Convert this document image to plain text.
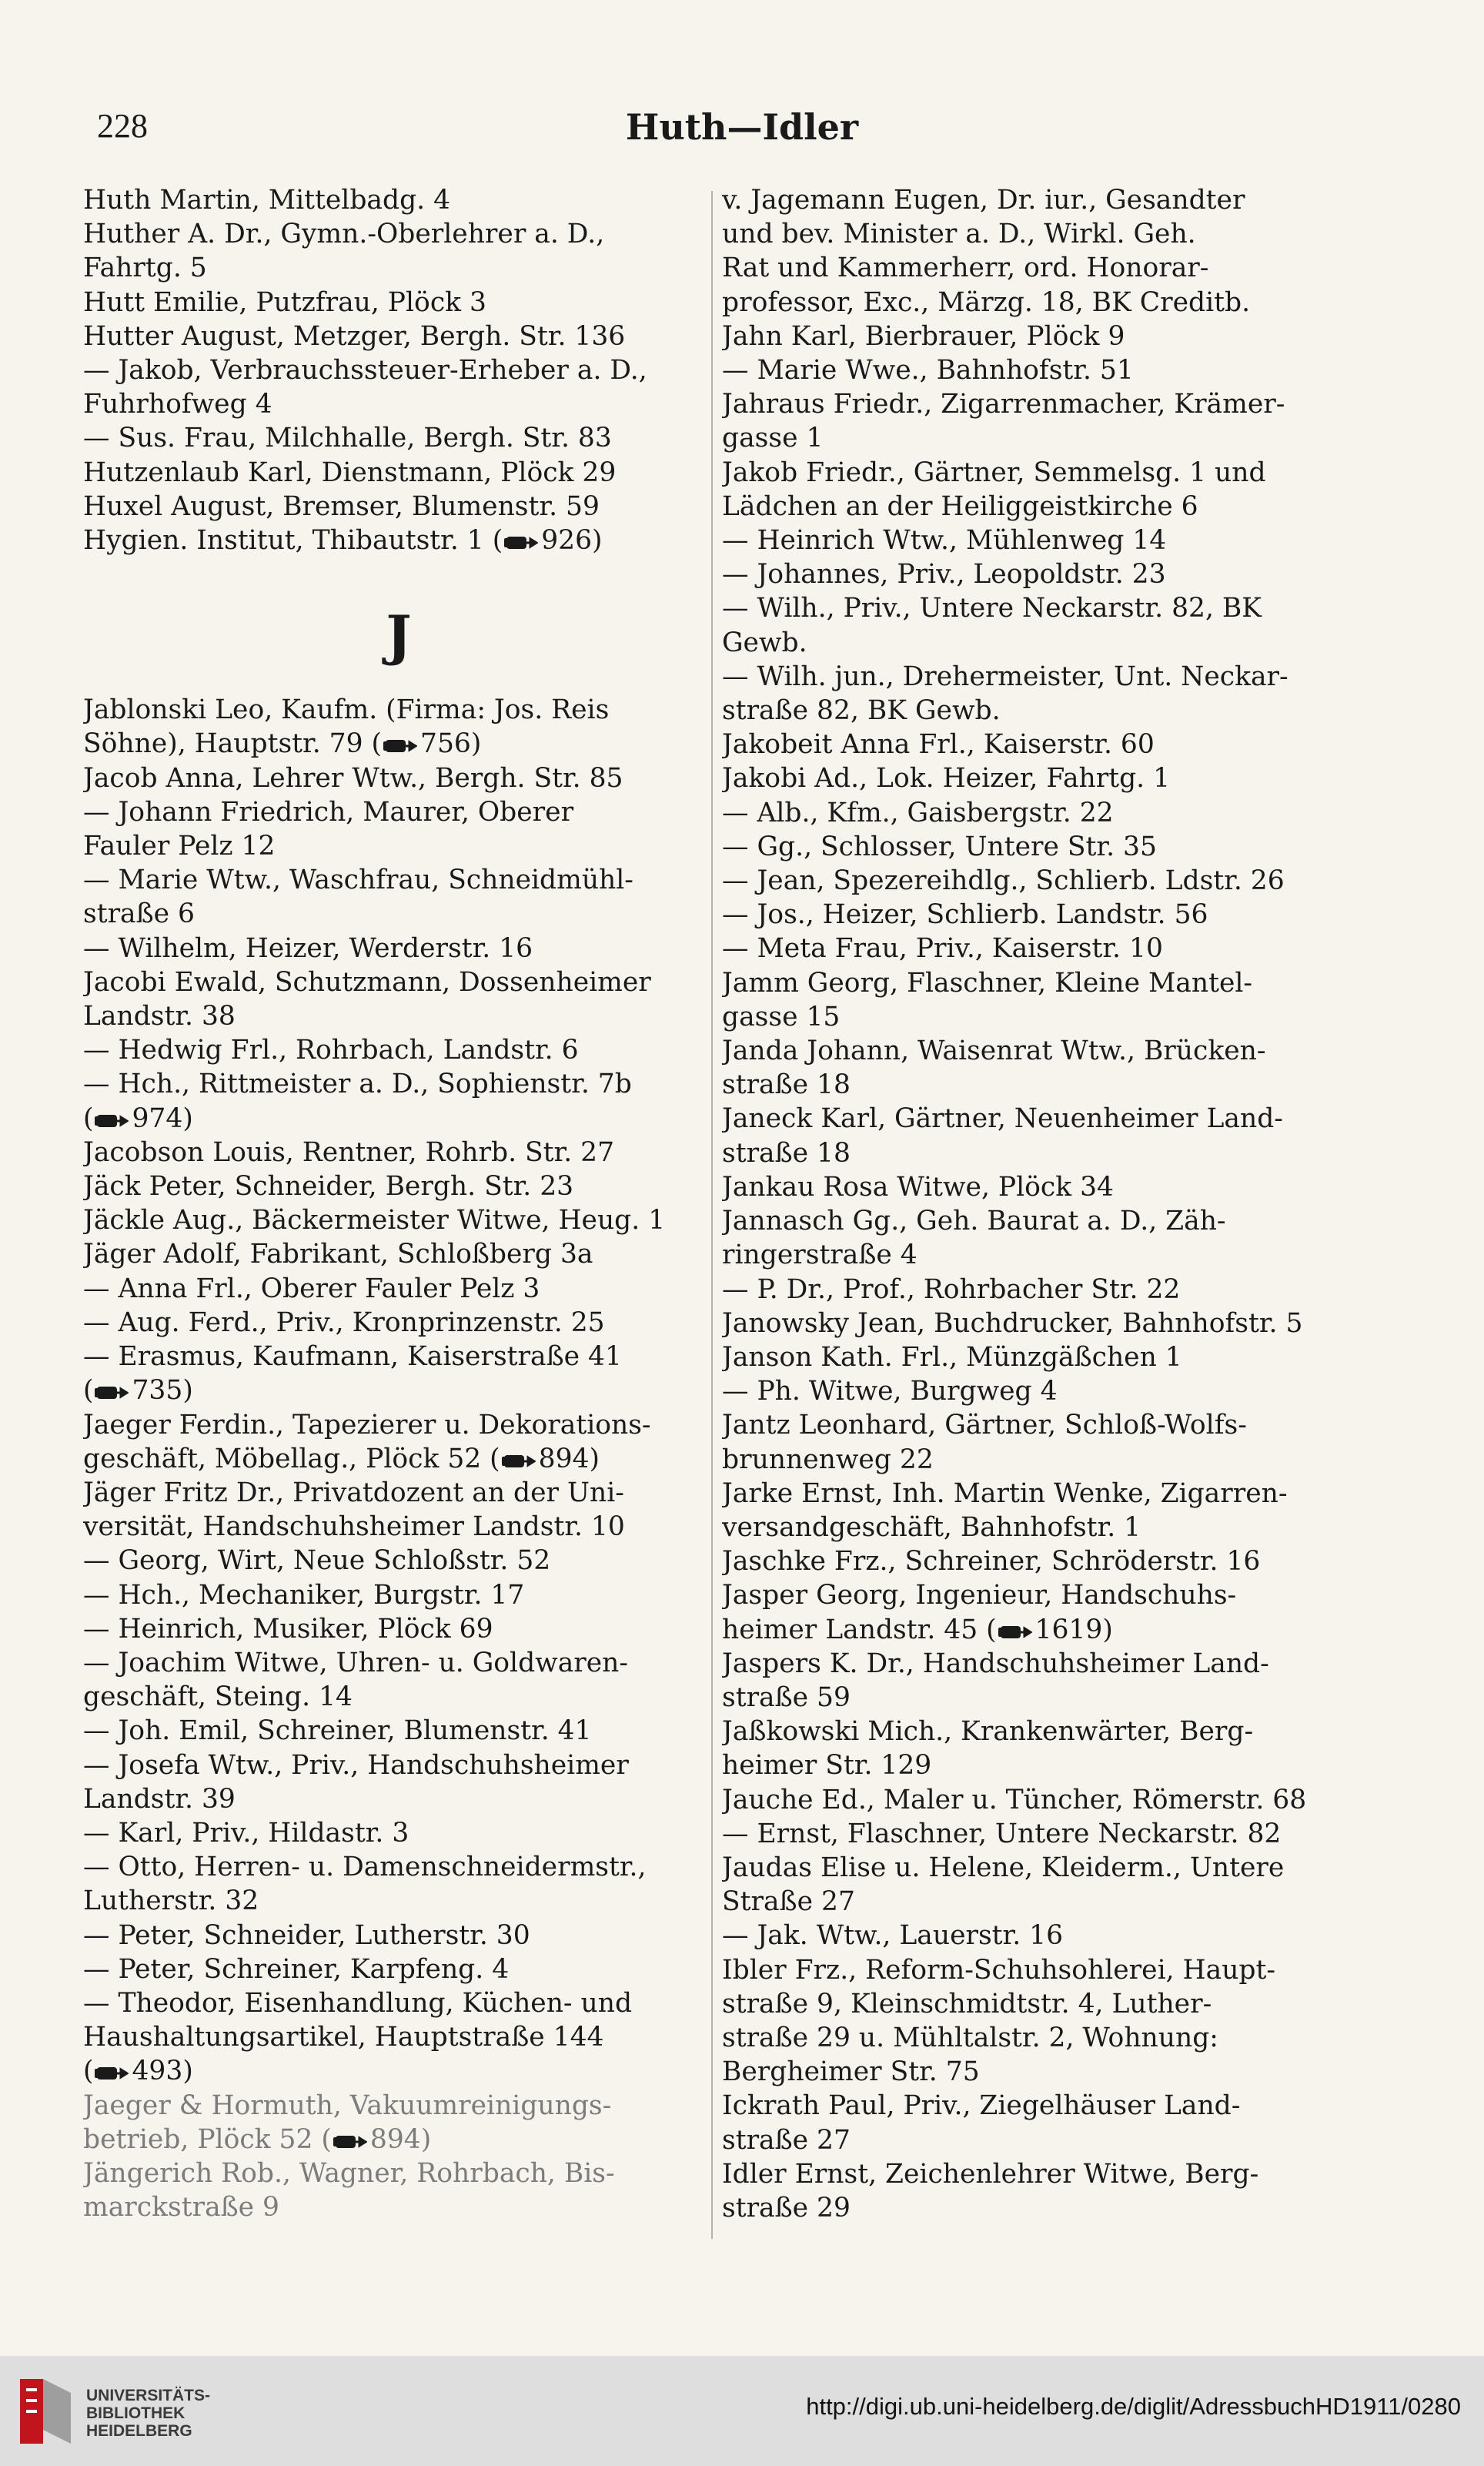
228	Huth—Idler
Huth Martin, Mittelbadg. 4
Huther A. Dr., Gymn.-Oberlehrer a. D.,
Fahrtg. 5
Hutt Emilie, Putzfrau, Plöck 3
Hutter August, Metzger, Bergh. Str. 136
— Jakob, Verbrauchssteuer-Erheber a. D.,
Fuhrhofweg 4
— Sus. Frau, Milchhalle, Bergh. Str. 83
Hutzenlaub Karl, Dienstmann, Plöck 29
Huxel August, Bremser, Blumenstr. 59
Hygien. Institut, Thibautstr. 1 ( 926)
J
Jablonski Leo, Kaufm. (Firma: Jos. Reis
Söhne), Hauptstr. 79 ( 756)
Jacob Anna, Lehrer Wtw., Bergh. Str. 85
— Johann Friedrich, Maurer, Oberer
Fauler Pelz 12
— Marie Wtw., Waschfrau, Schneidmühl-
straße 6
— Wilhelm, Heizer, Werderstr. 16
Jacobi Ewald, Schutzmann, Dossenheimer
Landstr. 38
— Hedwig Frl., Rohrbach, Landstr. 6
— Hch., Rittmeister a. D., Sophienstr. 7b
( 974)
Jacobson Louis, Rentner, Rohrb. Str. 27
Jäck Peter, Schneider, Bergh. Str. 23
Jäckle Aug., Bäckermeister Witwe, Heug. 1
Jäger Adolf, Fabrikant, Schloßberg 3a
— Anna Frl., Oberer Fauler Pelz 3
— Aug. Ferd., Priv., Kronprinzenstr. 25
— Erasmus, Kaufmann, Kaiserstraße 41
( 735)
Jaeger Ferdin., Tapezierer u. Dekorations-
geschäft, Möbellag., Plöck 52 ( 894)
Jäger Fritz Dr., Privatdozent an der Uni-
versität, Handschuhsheimer Landstr. 10
— Georg, Wirt, Neue Schloßstr. 52
— Hch., Mechaniker, Burgstr. 17
— Heinrich, Musiker, Plöck 69
— Joachim Witwe, Uhren- u. Goldwaren-
geschäft, Steing. 14
— Joh. Emil, Schreiner, Blumenstr. 41
— Josefa Wtw., Priv., Handschuhsheimer
Landstr. 39
— Karl, Priv., Hildastr. 3
— Otto, Herren- u. Damenschneidermstr.,
Lutherstr. 32
— Peter, Schneider, Lutherstr. 30
— Peter, Schreiner, Karpfeng. 4
— Theodor, Eisenhandlung, Küchen- und
Haushaltungsartikel, Hauptstraße 144
( 493)
Jaeger & Hormuth, Vakuumreinigungs-
betrieb, Plöck 52 ( 894)
Jängerich Rob., Wagner, Rohrbach, Bis-
marckstraße 9
v. Jagemann Eugen, Dr. iur., Gesandter
und bev. Minister a. D., Wirkl. Geh.
Rat und Kammerherr, ord. Honorar-
professor, Exc., Märzg. 18, BK Creditb.
Jahn Karl, Bierbrauer, Plöck 9
— Marie Wwe., Bahnhofstr. 51
Jahraus Friedr., Zigarrenmacher, Krämer-
gasse 1
Jakob Friedr., Gärtner, Semmelsg. 1 und
Lädchen an der Heiliggeistkirche 6
— Heinrich Wtw., Mühlenweg 14
— Johannes, Priv., Leopoldstr. 23
— Wilh., Priv., Untere Neckarstr. 82, BK
Gewb.
— Wilh. jun., Drehermeister, Unt. Neckar-
straße 82, BK Gewb.
Jakobeit Anna Frl., Kaiserstr. 60
Jakobi Ad., Lok. Heizer, Fahrtg. 1
— Alb., Kfm., Gaisbergstr. 22
— Gg., Schlosser, Untere Str. 35
— Jean, Spezereihdlg., Schlierb. Ldstr. 26
— Jos., Heizer, Schlierb. Landstr. 56
— Meta Frau, Priv., Kaiserstr. 10
Jamm Georg, Flaschner, Kleine Mantel-
gasse 15
Janda Johann, Waisenrat Wtw., Brücken-
straße 18
Janeck Karl, Gärtner, Neuenheimer Land-
straße 18
Jankau Rosa Witwe, Plöck 34
Jannasch Gg., Geh. Baurat a. D., Zäh-
ringerstraße 4
— P. Dr., Prof., Rohrbacher Str. 22
Janowsky Jean, Buchdrucker, Bahnhofstr. 5
Janson Kath. Frl., Münzgäßchen 1
— Ph. Witwe, Burgweg 4
Jantz Leonhard, Gärtner, Schloß-Wolfs-
brunnenweg 22
Jarke Ernst, Inh. Martin Wenke, Zigarren-
versandgeschäft, Bahnhofstr. 1
Jaschke Frz., Schreiner, Schröderstr. 16
Jasper Georg, Ingenieur, Handschuhs-
heimer Landstr. 45 ( 1619)
Jaspers K. Dr., Handschuhsheimer Land-
straße 59
Jaßkowski Mich., Krankenwärter, Berg-
heimer Str. 129
Jauche Ed., Maler u. Tüncher, Römerstr. 68
— Ernst, Flaschner, Untere Neckarstr. 82
Jaudas Elise u. Helene, Kleiderm., Untere
Straße 27
— Jak. Wtw., Lauerstr. 16
Ibler Frz., Reform-Schuhsohlerei, Haupt-
straße 9, Kleinschmidtstr. 4, Luther-
straße 29 u. Mühltalstr. 2, Wohnung:
Bergheimer Str. 75
Ickrath Paul, Priv., Ziegelhäuser Land-
straße 27
Idler Ernst, Zeichenlehrer Witwe, Berg-
straße 29
UNIVERSITÄTS-
BIBLIOTHEK
HEIDELBERG
http://digi.ub.uni-heidelberg.de/diglit/AdressbuchHD1911/0280
